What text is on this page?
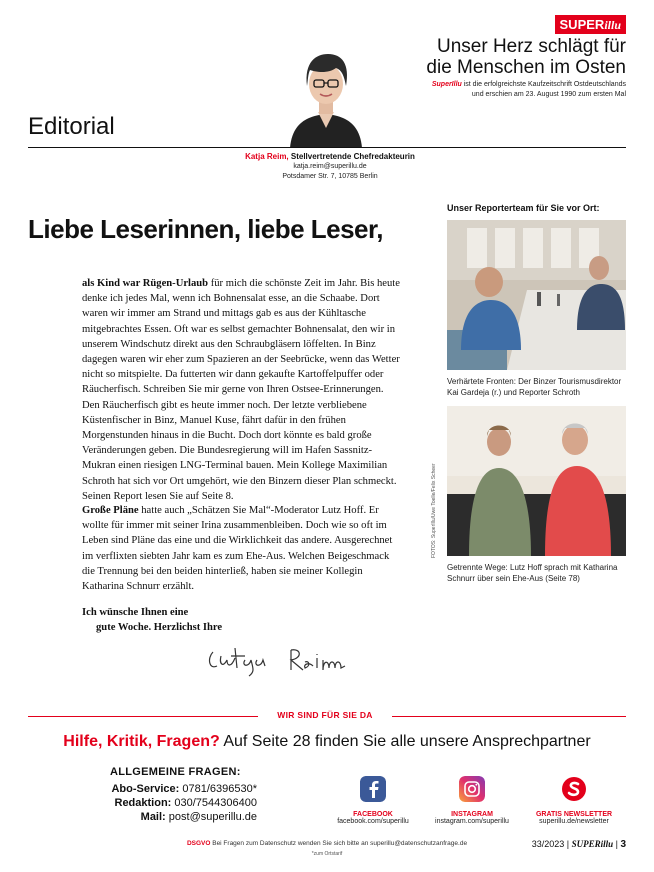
SUPERillu
Unser Herz schlägt für
die Menschen im Osten
SuperIllu ist die erfolgreichste Kaufzeitschrift Ostdeutschlands
und erschien am 23. August 1990 zum ersten Mal
Editorial
Katja Reim, Stellvertretende Chefredakteurin
katja.reim@superillu.de
Potsdamer Str. 7, 10785 Berlin
Liebe Leserinnen, liebe Leser,

als Kind war Rügen-Urlaub für mich die schönste Zeit im Jahr. Bis heute denke ich jedes Mal, wenn ich Bohnensalat esse, an die Schaabe. Dort waren wir immer am Strand und mittags gab es aus der Kühltasche mitgebrachtes Essen. Oft war es selbst gemachter Bohnensalat, den wir in unserem Windschutz direkt aus den Schraubgläsern löffelten. In Binz dagegen waren wir eher zum Spazieren an der Seebrücke, wenn das Wetter nicht so mitspielte. Da futterten wir dann gekaufte Kartoffelpuffer oder Räucherfisch. Schreiben Sie mir gerne von Ihren Ostsee-Erinnerungen. Den Räucherfisch gibt es heute immer noch. Der letzte verbliebene Küstenfischer in Binz, Manuel Kuse, fährt dafür in den frühen Morgenstunden hinaus in die Bucht. Doch dort könnte es bald große Veränderungen geben. Die Bundesregierung will im Hafen Sassnitz-Mukran einen riesigen LNG-Terminal bauen. Mein Kollege Maximilian Schroth hat sich vor Ort umgehört, wie den Binzern dieser Plan schmeckt. Seinen Report lesen Sie auf Seite 8.

Große Pläne hatte auch „Schätzen Sie Mal“-Moderator Lutz Hoff. Er wollte für immer mit seiner Irina zusammenbleiben. Doch wie so oft im Leben sind Pläne das eine und die Wirklichkeit das andere. Ausgerechnet im verflixten siebten Jahr kam es zum Ehe-Aus. Welchen Beigeschmack die Trennung bei den beiden hinterließ, haben sie meiner Kollegin Katharina Schnurr erzählt.

Ich wünsche Ihnen eine
gute Woche. Herzlichst Ihre
Unser Reporterteam für Sie vor Ort:
Verhärtete Fronten: Der Binzer Tourismusdirektor Kai Gardeja (r.) und Reporter Schroth
FOTOS: SuperIllu/Uwe Toelle/Felix Scheer
Getrennte Wege: Lutz Hoff sprach mit Katharina Schnurr über sein Ehe-Aus (Seite 78)
WIR SIND FÜR SIE DA
Hilfe, Kritik, Fragen? Auf Seite 28 finden Sie alle unsere Ansprechpartner
ALLGEMEINE FRAGEN:
Abo-Service: 0781/6396530*
Redaktion: 030/7544306400
Mail: post@superillu.de	FACEBOOK
facebook.com/superillu
INSTAGRAM
instagram.com/superillu
GRATIS NEWSLETTER
superillu.de/newsletter
DSGVO Bei Fragen zum Datenschutz wenden Sie sich bitte an superillu@datenschutzanfrage.de
*zum Ortstarif
33/2023 | SUPERillu | 3
